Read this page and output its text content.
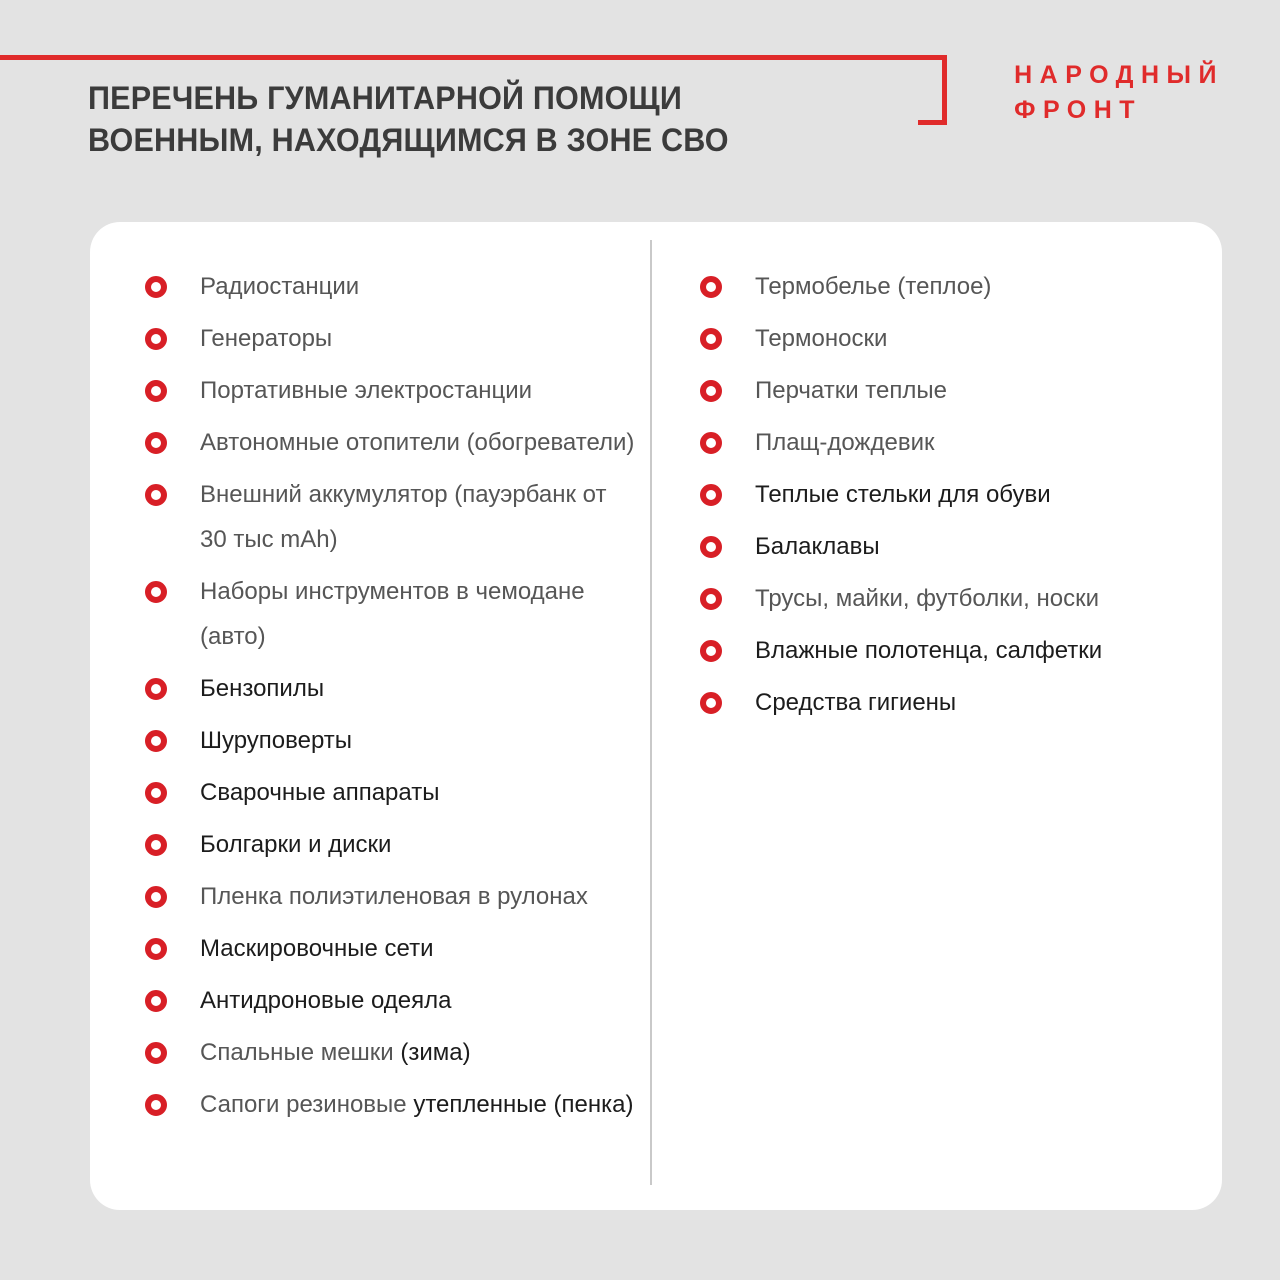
ПЕРЕЧЕНЬ ГУМАНИТАРНОЙ ПОМОЩИ
ВОЕННЫМ, НАХОДЯЩИМСЯ В ЗОНЕ СВО
НАРОДНЫЙ
ФРОНТ
Радиостанции
Генераторы
Портативные электростанции
Автономные отопители (обогреватели)
Внешний аккумулятор (пауэрбанк от 30 тыс mAh)
Наборы инструментов в чемодане (авто)
Бензопилы
Шуруповерты
Сварочные аппараты
Болгарки и диски
Пленка полиэтиленовая в рулонах
Маскировочные сети
Антидроновые одеяла
Спальные мешки (зима)
Сапоги резиновые утепленные (пенка)
Термобелье (теплое)
Термоноски
Перчатки теплые
Плащ-дождевик
Теплые стельки для обуви
Балаклавы
Трусы, майки, футболки, носки
Влажные полотенца, салфетки
Средства гигиены
